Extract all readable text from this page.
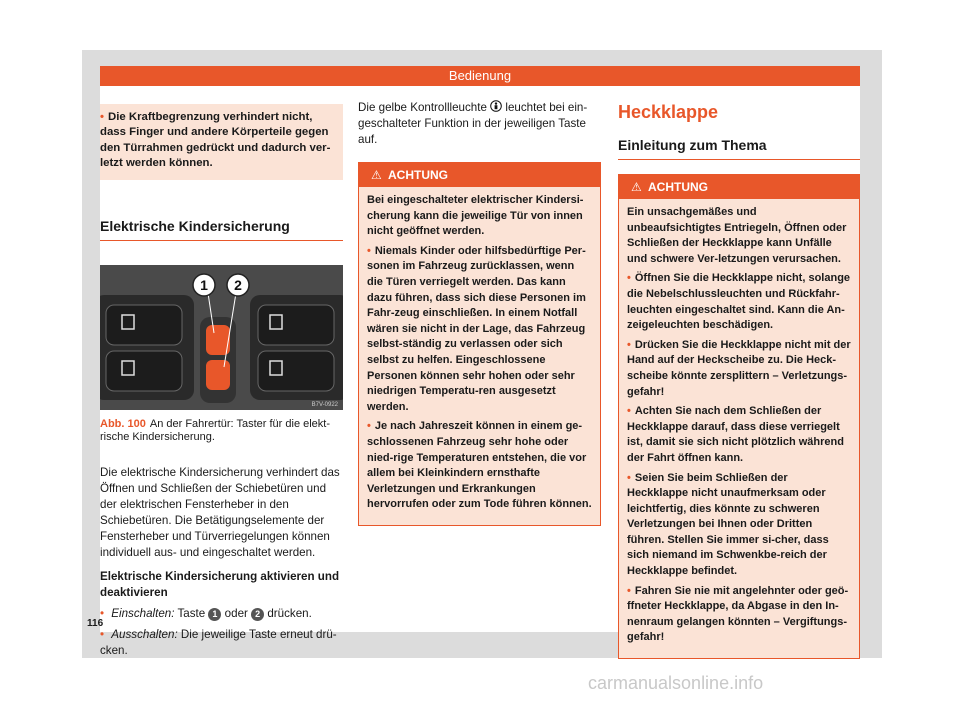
Bedienung
• Die Kraftbegrenzung verhindert nicht, dass Finger und andere Körperteile gegen den Türrahmen gedrückt und dadurch ver-letzt werden können.
Elektrische Kindersicherung
1 2
B7V-0922
Abb. 100 An der Fahrertür: Taster für die elekt-rische Kindersicherung.
Die elektrische Kindersicherung verhindert das Öffnen und Schließen der Schiebetüren und der elektrischen Fensterheber in den Schiebetüren. Die Betätigungselemente der Fensterheber und Türverriegelungen können individuell aus- und eingeschaltet werden.
Elektrische Kindersicherung aktivieren und deaktivieren
• Einschalten: Taste 1 oder 2 drücken.
• Ausschalten: Die jeweilige Taste erneut drü-cken.
116
Die gelbe Kontrollleuchte leuchtet bei ein-geschalteter Funktion in der jeweiligen Taste auf.
⚠ ACHTUNG

Bei eingeschalteter elektrischer Kindersi-cherung kann die jeweilige Tür von innen nicht geöffnet werden.

• Niemals Kinder oder hilfsbedürftige Per-sonen im Fahrzeug zurücklassen, wenn die Türen verriegelt werden. Das kann dazu führen, dass sich diese Personen im Fahr-zeug einschließen. In einem Notfall wären sie nicht in der Lage, das Fahrzeug selbst-ständig zu verlassen oder sich selbst zu helfen. Eingeschlossene Personen können sehr hohen oder sehr niedrigen Temperatu-ren ausgesetzt werden.

• Je nach Jahreszeit können in einem ge-schlossenen Fahrzeug sehr hohe oder nied-rige Temperaturen entstehen, die vor allem bei Kleinkindern ernsthafte Verletzungen und Erkrankungen hervorrufen oder zum Tode führen können.

Heckklappe
Einleitung zum Thema
⚠ ACHTUNG

Ein unsachgemäßes und unbeaufsichtigtes Entriegeln, Öffnen oder Schließen der Heckklappe kann Unfälle und schwere Ver-letzungen verursachen.

• Öffnen Sie die Heckklappe nicht, solange die Nebelschlussleuchten und Rückfahr-leuchten eingeschaltet sind. Kann die An-zeigeleuchten beschädigen.

• Drücken Sie die Heckklappe nicht mit der Hand auf der Heckscheibe zu. Die Heck-scheibe könnte zersplittern – Verletzungs-gefahr!

• Achten Sie nach dem Schließen der Heckklappe darauf, dass diese verriegelt ist, damit sie sich nicht plötzlich während der Fahrt öffnen kann.

• Seien Sie beim Schließen der Heckklappe nicht unaufmerksam oder leichtfertig, dies könnte zu schweren Verletzungen bei Ihnen oder Dritten führen. Stellen Sie immer si-cher, dass sich niemand im Schwenkbe-reich der Heckklappe befindet.

• Fahren Sie nie mit angelehnter oder geö-ffneter Heckklappe, da Abgase in den In-nenraum gelangen könnten – Vergiftungs-gefahr!

carmanualsonline.info
